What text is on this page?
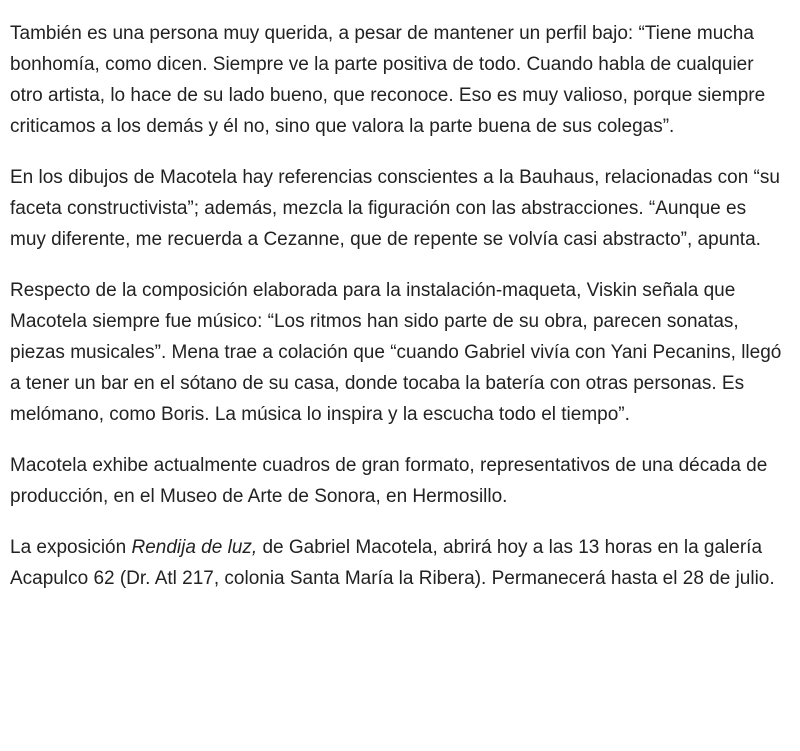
También es una persona muy querida, a pesar de mantener un perfil bajo: “Tiene mucha bonhomía, como dicen. Siempre ve la parte positiva de todo. Cuando habla de cualquier otro artista, lo hace de su lado bueno, que reconoce. Eso es muy valioso, porque siempre criticamos a los demás y él no, sino que valora la parte buena de sus colegas”.

En los dibujos de Macotela hay referencias conscientes a la Bauhaus, relacionadas con “su faceta constructivista”; además, mezcla la figuración con las abstracciones. “Aunque es muy diferente, me recuerda a Cezanne, que de repente se volvía casi abstracto”, apunta.

Respecto de la composición elaborada para la instalación-maqueta, Viskin señala que Macotela siempre fue músico: “Los ritmos han sido parte de su obra, parecen sonatas, piezas musicales”. Mena trae a colación que “cuando Gabriel vivía con Yani Pecanins, llegó a tener un bar en el sótano de su casa, donde tocaba la batería con otras personas. Es melómano, como Boris. La música lo inspira y la escucha todo el tiempo”.

Macotela exhibe actualmente cuadros de gran formato, representativos de una década de producción, en el Museo de Arte de Sonora, en Hermosillo.

La exposición Rendija de luz, de Gabriel Macotela, abrirá hoy a las 13 horas en la galería Acapulco 62 (Dr. Atl 217, colonia Santa María la Ribera). Permanecerá hasta el 28 de julio.
